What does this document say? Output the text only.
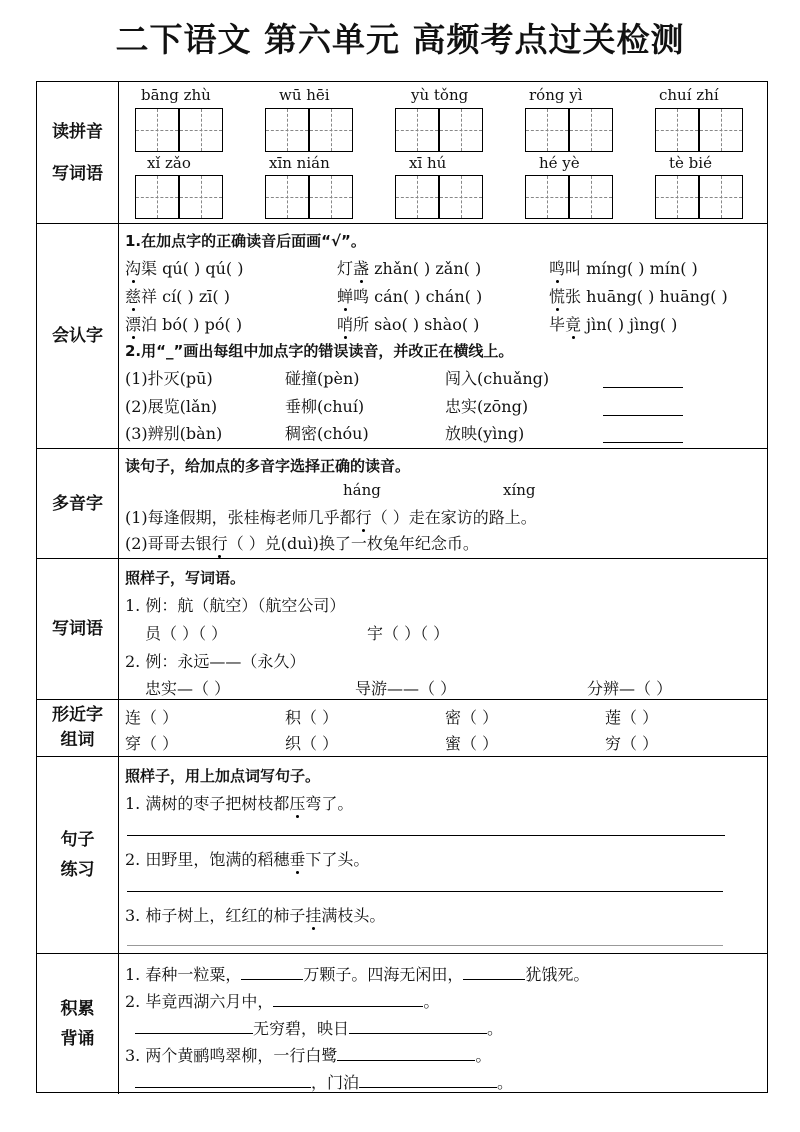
二下语文 第六单元 高频考点过关检测
读拼音
写词语
bāng zhù	wū hēi	yù tǒng	róng yì	chuí zhí
xǐ zǎo	xīn nián	xī hú	hé yè	tè bié
会认字
1.在加点字的正确读音后面画“√”。
沟渠 qú( ) qú( )	灯盏 zhǎn( ) zǎn( )	鸣叫 míng( ) mín( )
慈祥 cí( ) zī( )	蝉鸣 cán( ) chán( )	慌张 huāng( ) huāng( )
漂泊 bó( ) pó( )	哨所 sào( ) shào( )	毕竟 jìn( ) jìng( )
2.用“_”画出每组中加点字的错误读音，并改正在横线上。
(1)扑灭(pū)	碰撞(pèn)	闯入(chuǎng)
(2)展览(lǎn)	垂柳(chuí)	忠实(zōng)
(3)辨别(bàn)	稠密(chóu)	放映(yìng)
多音字
读句子，给加点的多音字选择正确的读音。
háng	xíng
(1)每逢假期，张桂梅老师几乎都行（ ）走在家访的路上。
(2)哥哥去银行（ ）兑(duì)换了一枚兔年纪念币。
写词语
照样子，写词语。
1. 例：航（航空）（航空公司）
员（ ）（ ）	宇（ ）（ ）
2. 例：永远——（永久）
忠实—（ ）	导游——（ ）	分辨—（ ）
形近字
组词
连（ ）	积（ ）	密（ ）	莲（ ）
穿（ ）	织（ ）	蜜（ ）	穷（ ）
句子
练习
照样子，用上加点词写句子。
1. 满树的枣子把树枝都压弯了。
2. 田野里，饱满的稻穗垂下了头。
3. 柿子树上，红红的柿子挂满枝头。
积累
背诵
1. 春种一粒粟，	万颗子。四海无闲田，	犹饿死。
2. 毕竟西湖六月中，	。
无穷碧，映日	。
3. 两个黄鹂鸣翠柳，一行白鹭	。
，门泊	。
